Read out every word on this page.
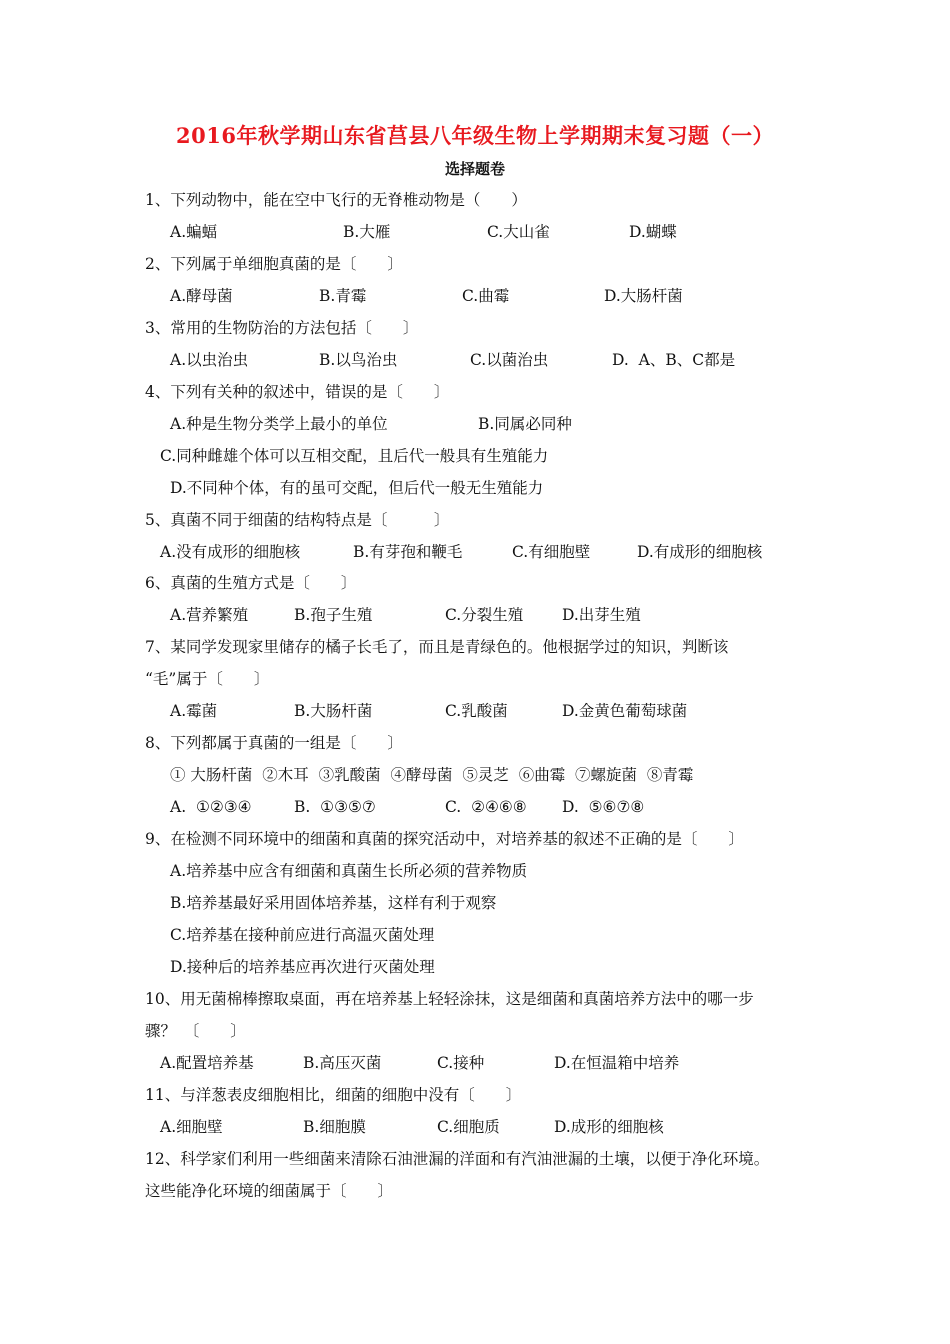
2016年秋学期山东省莒县八年级生物上学期期末复习题（一）
选择题卷
1、下列动物中，能在空中飞行的无脊椎动物是（　　）
A.蝙蝠	B.大雁	C.大山雀	D.蝴蝶
2、下列属于单细胞真菌的是〔　　〕
A.酵母菌	B.青霉	C.曲霉	D.大肠杆菌
3、常用的生物防治的方法包括〔　　〕
A.以虫治虫	B.以鸟治虫	C.以菌治虫	D.  A、B、C都是
4、下列有关种的叙述中，错误的是〔　　〕
A.种是生物分类学上最小的单位	B.同属必同种
C.同种雌雄个体可以互相交配，且后代一般具有生殖能力
D.不同种个体，有的虽可交配，但后代一般无生殖能力
5、真菌不同于细菌的结构特点是〔　　　〕
A.没有成形的细胞核	B.有芽孢和鞭毛	C.有细胞壁	D.有成形的细胞核
6、真菌的生殖方式是〔　　〕
A.营养繁殖	B.孢子生殖	C.分裂生殖	D.出芽生殖
7、某同学发现家里储存的橘子长毛了，而且是青绿色的。他根据学过的知识，判断该
“毛”属于〔　　〕
A.霉菌	B.大肠杆菌	C.乳酸菌	D.金黄色葡萄球菌
8、下列都属于真菌的一组是〔　　〕
① 大肠杆菌  ②木耳  ③乳酸菌  ④酵母菌  ⑤灵芝  ⑥曲霉  ⑦螺旋菌  ⑧青霉
A.  ①②③④	B.  ①③⑤⑦	C.  ②④⑥⑧ D.  ⑤⑥⑦⑧
9、在检测不同环境中的细菌和真菌的探究活动中，对培养基的叙述不正确的是〔　　〕
A.培养基中应含有细菌和真菌生长所必须的营养物质
B.培养基最好采用固体培养基，这样有利于观察
C.培养基在接种前应进行高温灭菌处理
D.接种后的培养基应再次进行灭菌处理
10、用无菌棉棒擦取桌面，再在培养基上轻轻涂抹，这是细菌和真菌培养方法中的哪一步
骤？　〔　　〕
A.配置培养基	B.高压灭菌	C.接种	D.在恒温箱中培养
11、与洋葱表皮细胞相比，细菌的细胞中没有〔　　〕
A.细胞壁	B.细胞膜	C.细胞质	D.成形的细胞核
12、科学家们利用一些细菌来清除石油泄漏的洋面和有汽油泄漏的土壤，以便于净化环境。
这些能净化环境的细菌属于〔　　〕
